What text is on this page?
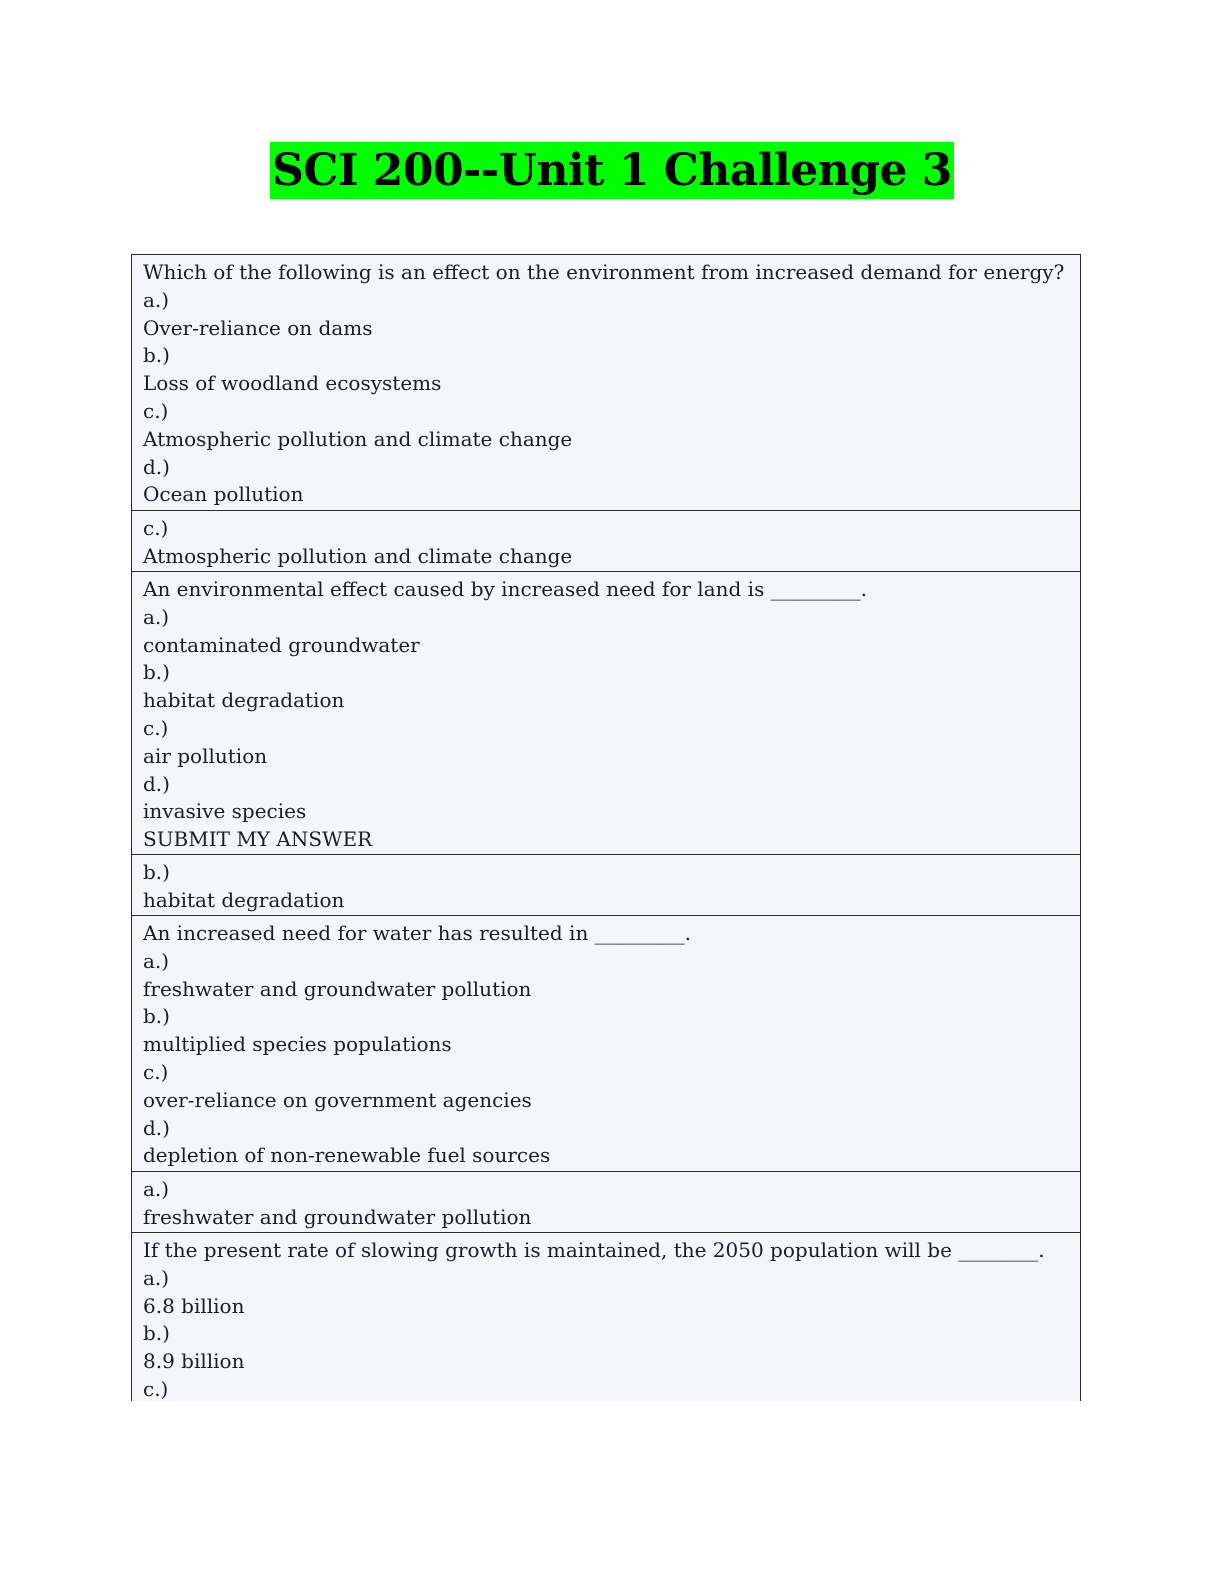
SCI 200--Unit 1 Challenge 3
Which of the following is an effect on the environment from increased demand for energy?
a.)
Over-reliance on dams
b.)
Loss of woodland ecosystems
c.)
Atmospheric pollution and climate change
d.)
Ocean pollution
c.)
Atmospheric pollution and climate change
An environmental effect caused by increased need for land is _________.
a.)
contaminated groundwater
b.)
habitat degradation
c.)
air pollution
d.)
invasive species
SUBMIT MY ANSWER
b.)
habitat degradation
An increased need for water has resulted in _________.
a.)
freshwater and groundwater pollution
b.)
multiplied species populations
c.)
over-reliance on government agencies
d.)
depletion of non-renewable fuel sources
a.)
freshwater and groundwater pollution
If the present rate of slowing growth is maintained, the 2050 population will be ________.
a.)
6.8 billion
b.)
8.9 billion
c.)
